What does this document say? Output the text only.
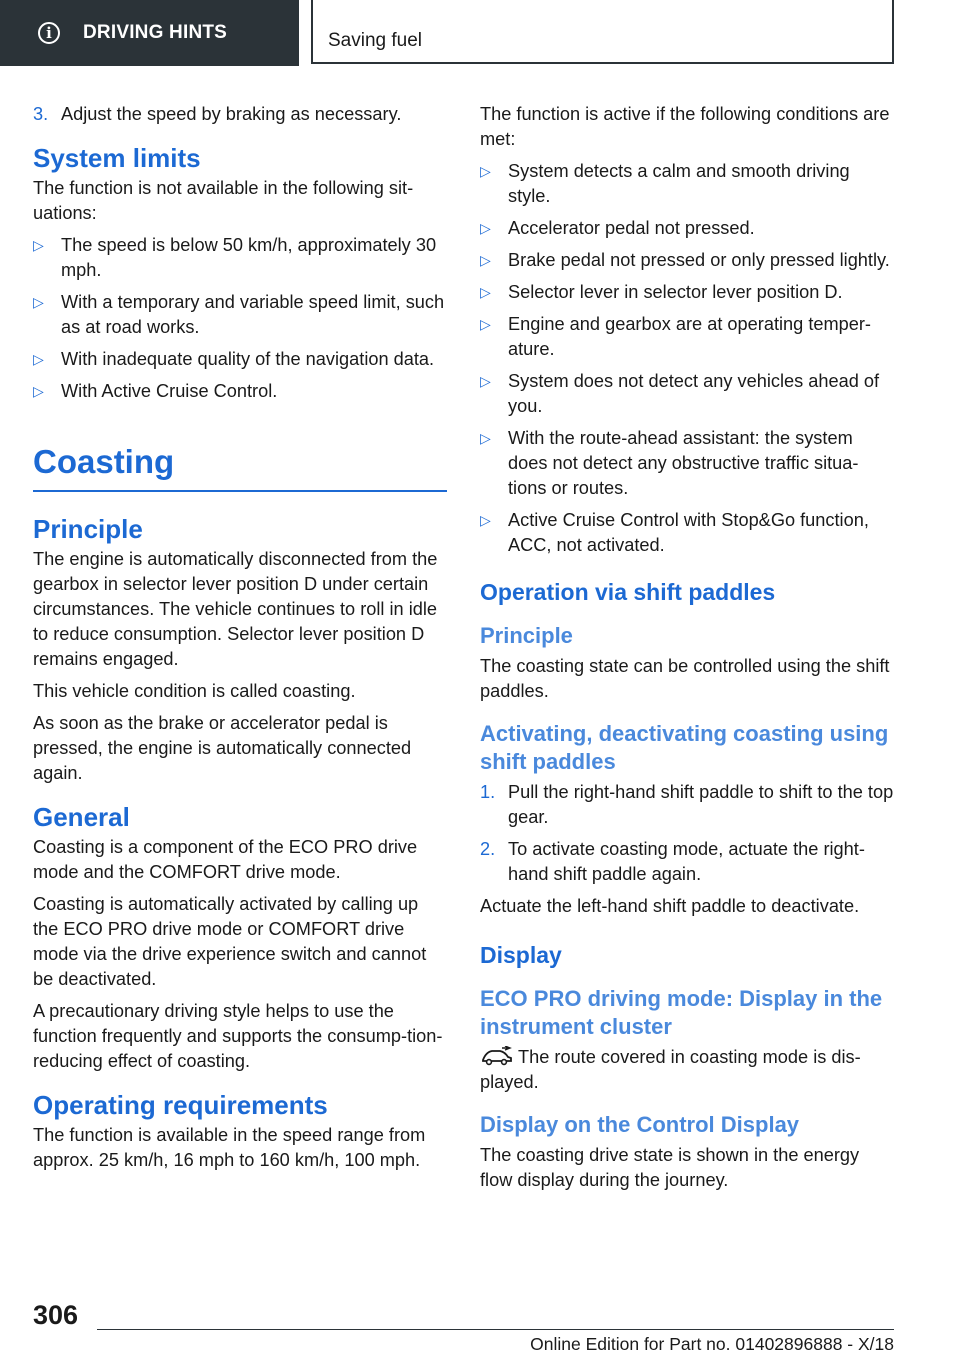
i	DRIVING HINTS	Saving fuel
3. Adjust the speed by braking as necessary.
System limits

The function is not available in the following sit‐uations:

▷ The speed is below 50 km/h, approximately 30 mph.
▷ With a temporary and variable speed limit, such as at road works.
▷ With inadequate quality of the navigation data.
▷ With Active Cruise Control.
Coasting
Principle

The engine is automatically disconnected from the gearbox in selector lever position D under certain circumstances. The vehicle continues to roll in idle to reduce consumption. Selector lever position D remains engaged.

This vehicle condition is called coasting.

As soon as the brake or accelerator pedal is pressed, the engine is automatically connected again.

General

Coasting is a component of the ECO PRO drive mode and the COMFORT drive mode.

Coasting is automatically activated by calling up the ECO PRO drive mode or COMFORT drive mode via the drive experience switch and cannot be deactivated.

A precautionary driving style helps to use the function frequently and supports the consump‐tion-reducing effect of coasting.

Operating requirements

The function is available in the speed range from approx. 25 km/h, 16 mph to 160 km/h, 100 mph.

The function is active if the following conditions are met:

▷ System detects a calm and smooth driving style.
▷ Accelerator pedal not pressed.
▷ Brake pedal not pressed or only pressed lightly.
▷ Selector lever in selector lever position D.
▷ Engine and gearbox are at operating temper‐ature.
▷ System does not detect any vehicles ahead of you.
▷ With the route-ahead assistant: the system does not detect any obstructive traffic situa‐tions or routes.
▷ Active Cruise Control with Stop&Go function, ACC, not activated.
Operation via shift paddles
Principle

The coasting state can be controlled using the shift paddles.

Activating, deactivating coasting using shift paddles
1. Pull the right-hand shift paddle to shift to the top gear.
2. To activate coasting mode, actuate the right-hand shift paddle again.

Actuate the left-hand shift paddle to deactivate.

Display
ECO PRO driving mode: Display in the instrument cluster

The route covered in coasting mode is dis‐played.

Display on the Control Display

The coasting drive state is shown in the energy flow display during the journey.

306
Online Edition for Part no. 01402896888 - X/18
